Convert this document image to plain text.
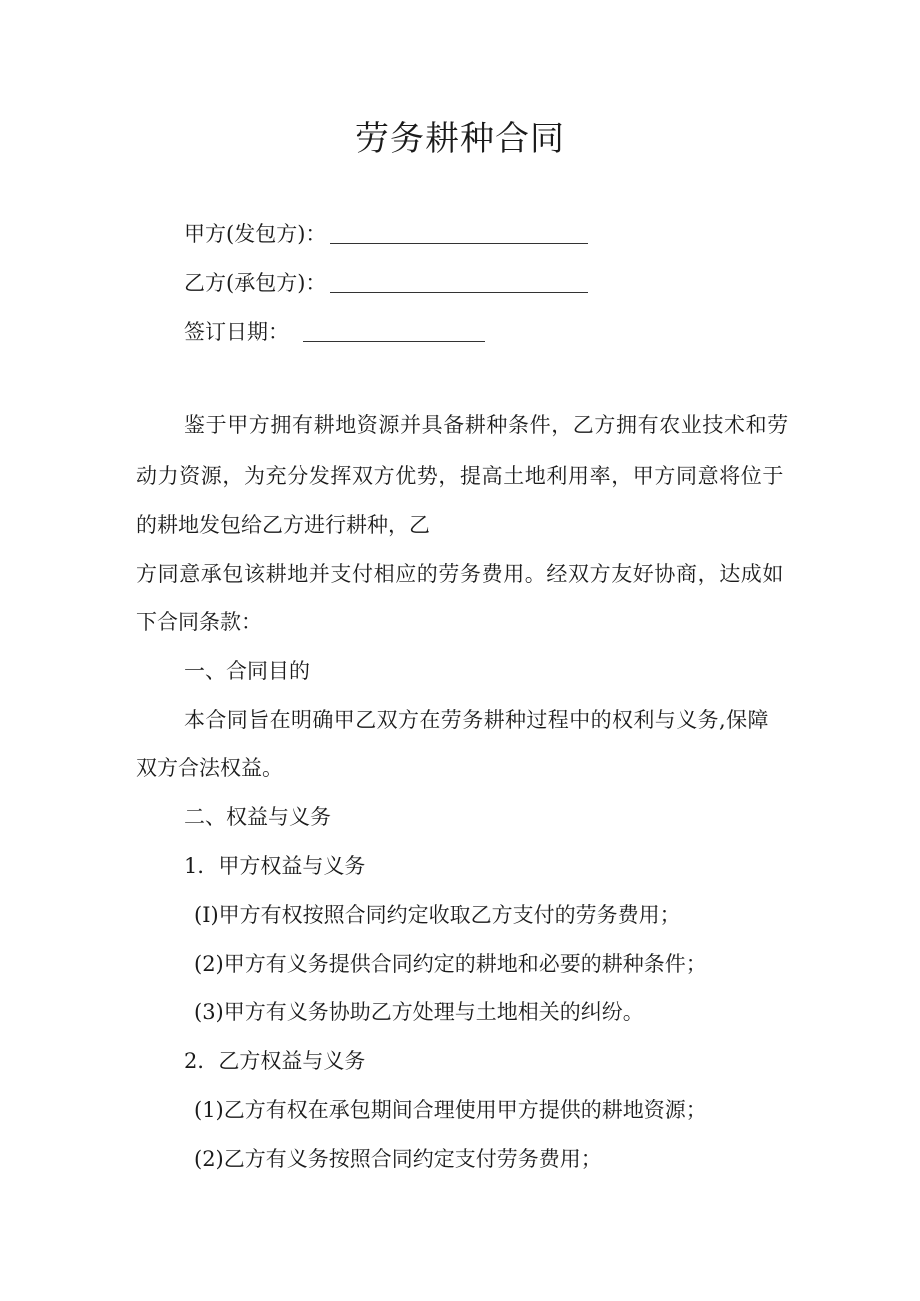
劳务耕种合同
甲方(发包方)：
乙方(承包方)：
签订日期：
鉴于甲方拥有耕地资源并具备耕种条件，乙方拥有农业技术和劳
动力资源，为充分发挥双方优势，提高土地利用率，甲方同意将位于
的耕地发包给乙方进行耕种，乙
方同意承包该耕地并支付相应的劳务费用。经双方友好协商，达成如
下合同条款：
一、合同目的
本合同旨在明确甲乙双方在劳务耕种过程中的权利与义务,保障
双方合法权益。
二、权益与义务
1．甲方权益与义务
(I)甲方有权按照合同约定收取乙方支付的劳务费用；
(2)甲方有义务提供合同约定的耕地和必要的耕种条件；
(3)甲方有义务协助乙方处理与土地相关的纠纷。
2．乙方权益与义务
(1)乙方有权在承包期间合理使用甲方提供的耕地资源；
(2)乙方有义务按照合同约定支付劳务费用；
